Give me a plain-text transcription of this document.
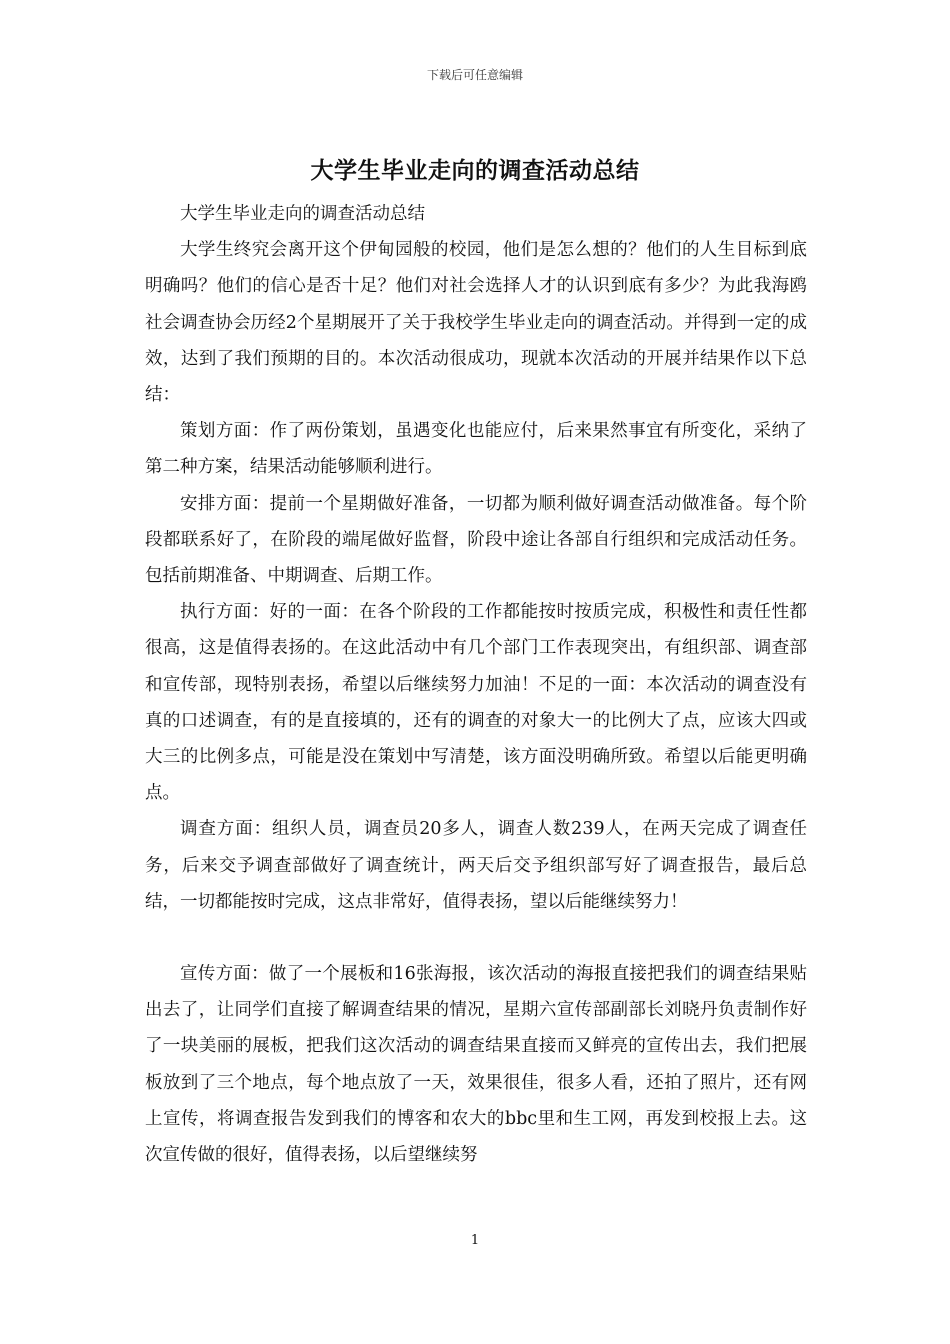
下载后可任意编辑
大学生毕业走向的调查活动总结

大学生毕业走向的调查活动总结

大学生终究会离开这个伊甸园般的校园，他们是怎么想的？他们的人生目标到底明确吗？他们的信心是否十足？他们对社会选择人才的认识到底有多少？为此我海鸥社会调查协会历经2个星期展开了关于我校学生毕业走向的调查活动。并得到一定的成效，达到了我们预期的目的。本次活动很成功，现就本次活动的开展并结果作以下总结：

策划方面：作了两份策划，虽遇变化也能应付，后来果然事宜有所变化，采纳了第二种方案，结果活动能够顺利进行。

安排方面：提前一个星期做好准备，一切都为顺利做好调查活动做准备。每个阶段都联系好了，在阶段的端尾做好监督，阶段中途让各部自行组织和完成活动任务。包括前期准备、中期调查、后期工作。

执行方面：好的一面：在各个阶段的工作都能按时按质完成，积极性和责任性都很高，这是值得表扬的。在这此活动中有几个部门工作表现突出，有组织部、调查部和宣传部，现特别表扬，希望以后继续努力加油！不足的一面：本次活动的调查没有真的口述调查，有的是直接填的，还有的调查的对象大一的比例大了点，应该大四或大三的比例多点，可能是没在策划中写清楚，该方面没明确所致。希望以后能更明确点。

调查方面：组织人员，调查员20多人，调查人数239人，在两天完成了调查任务，后来交予调查部做好了调查统计，两天后交予组织部写好了调查报告，最后总结，一切都能按时完成，这点非常好，值得表扬，望以后能继续努力！

宣传方面：做了一个展板和16张海报，该次活动的海报直接把我们的调查结果贴出去了，让同学们直接了解调查结果的情况，星期六宣传部副部长刘晓丹负责制作好了一块美丽的展板，把我们这次活动的调查结果直接而又鲜亮的宣传出去，我们把展板放到了三个地点，每个地点放了一天，效果很佳，很多人看，还拍了照片，还有网上宣传，将调查报告发到我们的博客和农大的bbc里和生工网，再发到校报上去。这次宣传做的很好，值得表扬，以后望继续努

1
